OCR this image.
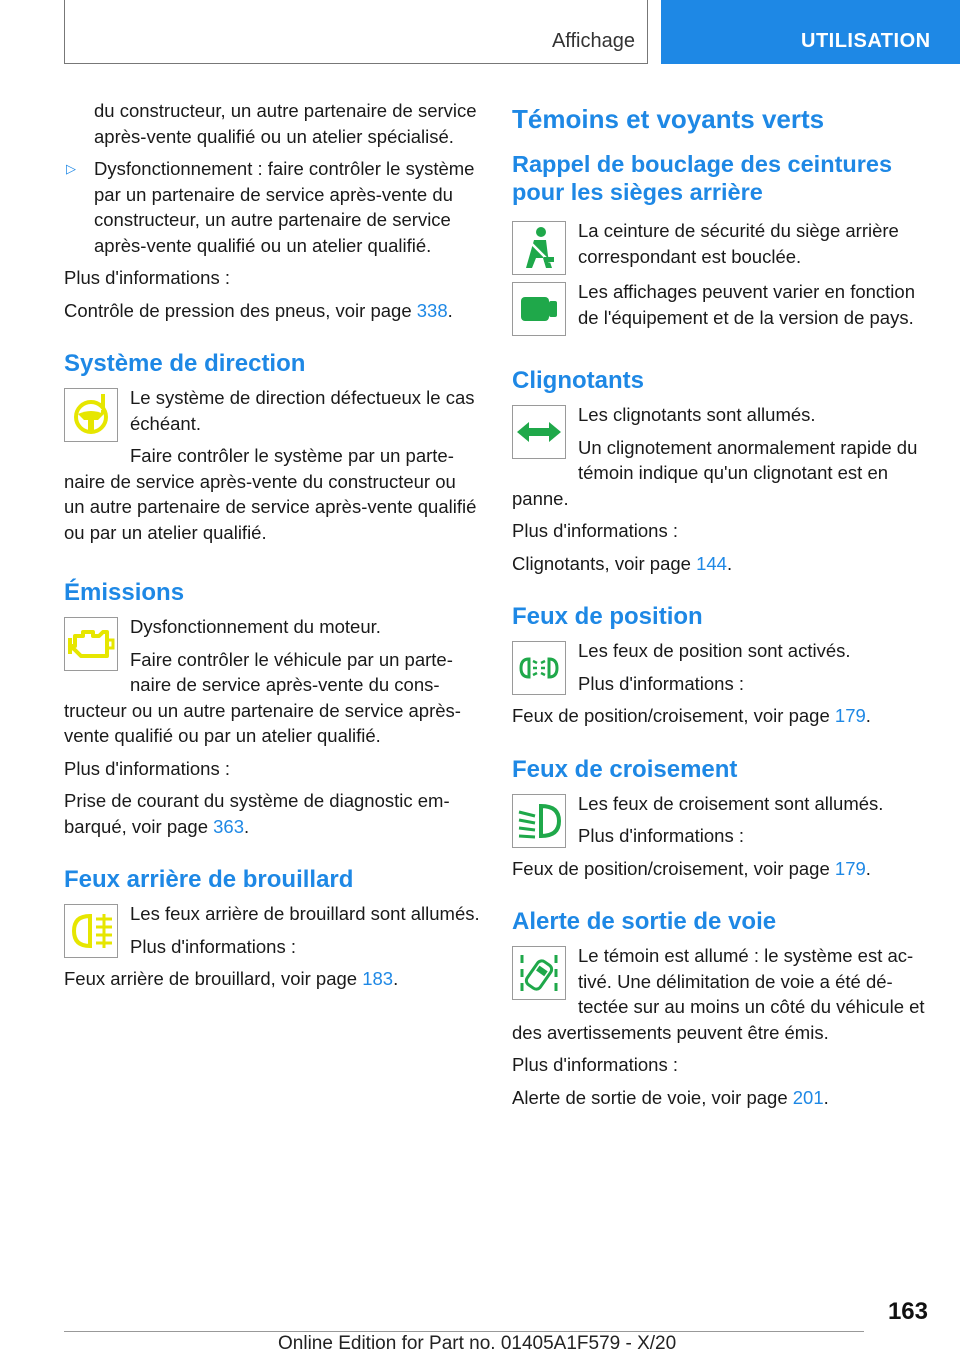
Affichage	UTILISATION

du constructeur, un autre partenaire de service après-vente qualifié ou un atelier spécialisé.

▷ Dysfonctionnement : faire contrôler le système par un partenaire de service après-vente du constructeur, un autre partenaire de service après-vente qualifié ou un atelier qualifié.

Plus d'informations :

Contrôle de pression des pneus, voir page 338.

Système de direction

Le système de direction défectueux le cas échéant.

Faire contrôler le système par un partenaire de service après-vente du constructeur ou un autre partenaire de service après-vente qualifié ou par un atelier qualifié.

Émissions

Dysfonctionnement du moteur.

Faire contrôler le véhicule par un partenaire de service après-vente du constructeur ou un autre partenaire de service après-vente qualifié ou par un atelier qualifié.

Plus d'informations :

Prise de courant du système de diagnostic embarqué, voir page 363.

Feux arrière de brouillard

Les feux arrière de brouillard sont allumés.

Plus d'informations :

Feux arrière de brouillard, voir page 183.

Témoins et voyants verts
Rappel de bouclage des ceintures pour les sièges arrière

La ceinture de sécurité du siège arrière correspondant est bouclée.

Les affichages peuvent varier en fonction de l'équipement et de la version de pays.

Clignotants

Les clignotants sont allumés.

Un clignotement anormalement rapide du témoin indique qu'un clignotant est en panne.

Plus d'informations :

Clignotants, voir page 144.

Feux de position

Les feux de position sont activés.

Plus d'informations :

Feux de position/croisement, voir page 179.

Feux de croisement

Les feux de croisement sont allumés.

Plus d'informations :

Feux de position/croisement, voir page 179.

Alerte de sortie de voie

Le témoin est allumé : le système est activé. Une délimitation de voie a été détectée sur au moins un côté du véhicule et des avertissements peuvent être émis.

Plus d'informations :

Alerte de sortie de voie, voir page 201.

163
Online Edition for Part no. 01405A1F579 - X/20
